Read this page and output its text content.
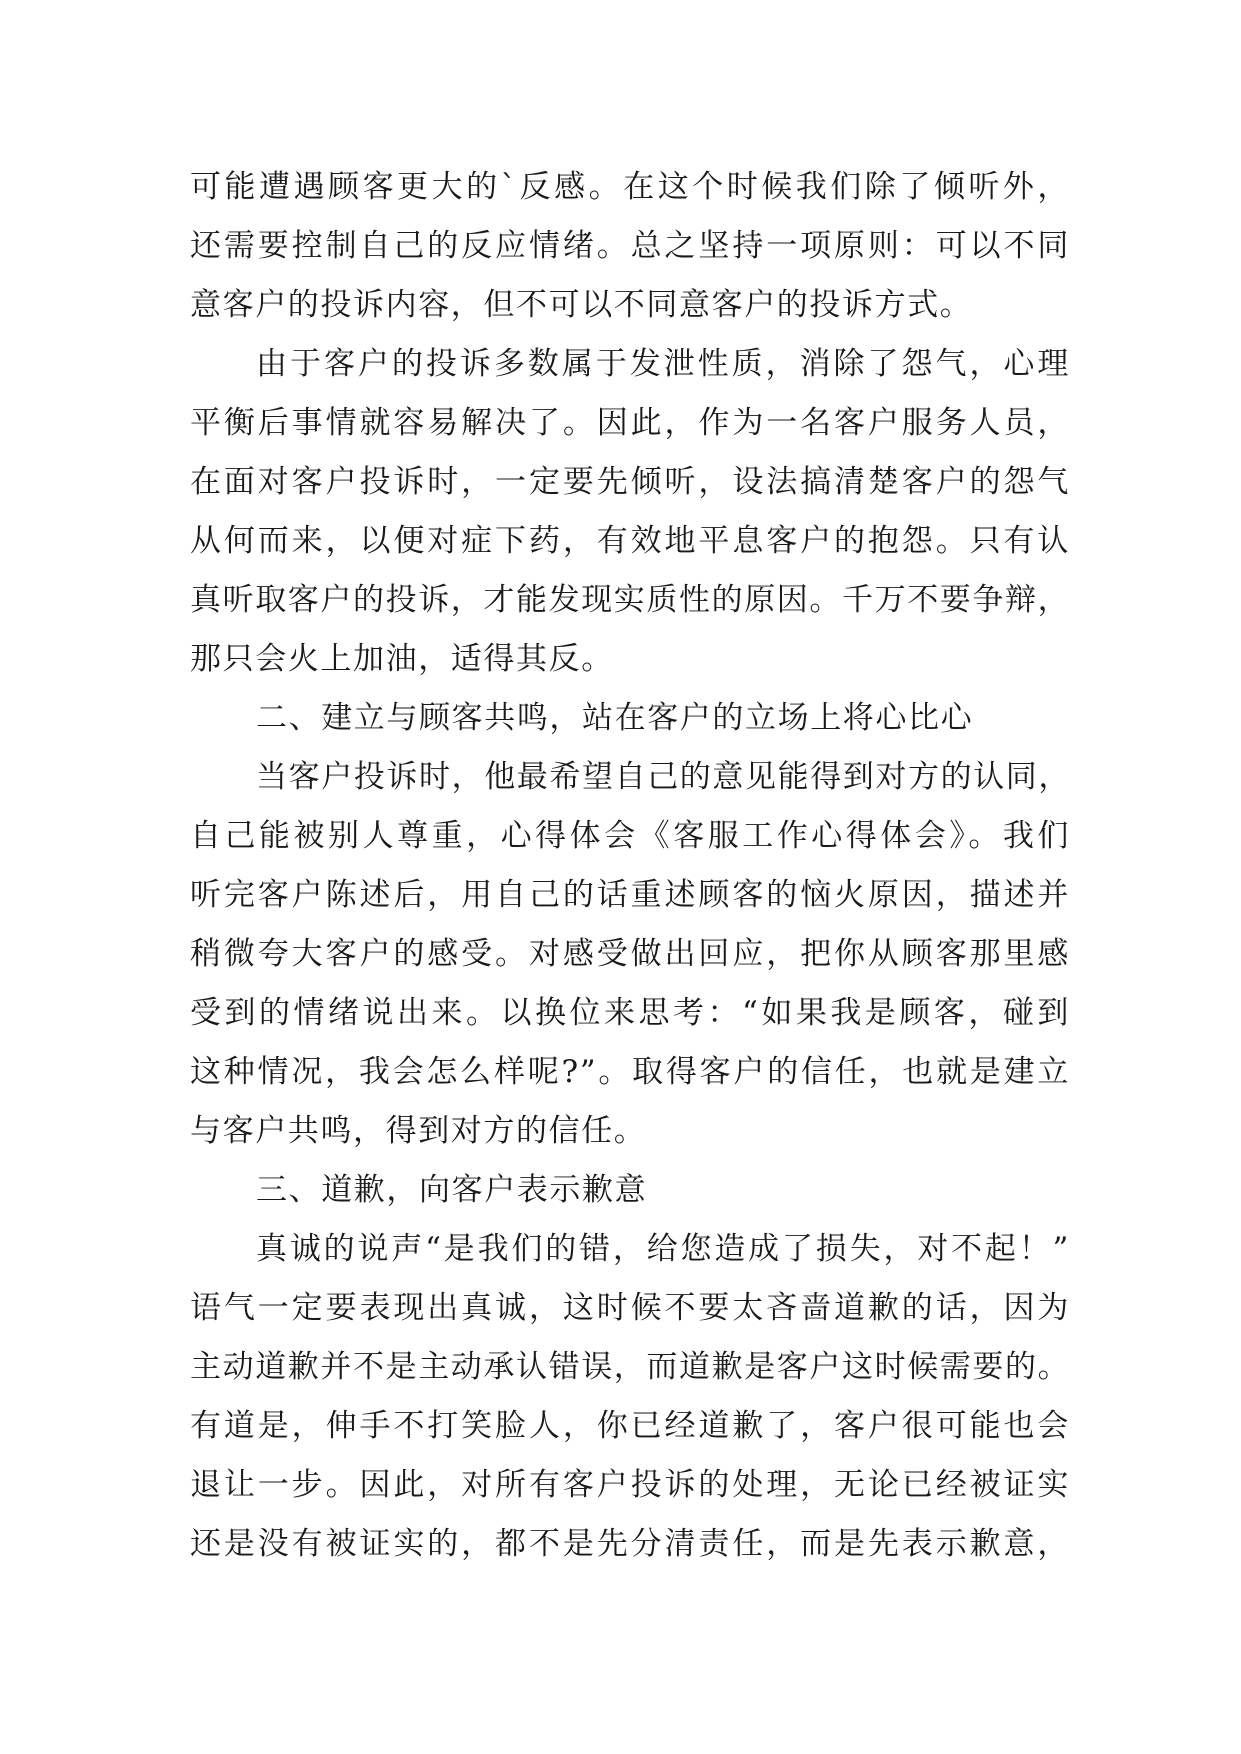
可能遭遇顾客更大的`反感。在这个时候我们除了倾听外，
还需要控制自己的反应情绪。总之坚持一项原则：可以不同
意客户的投诉内容，但不可以不同意客户的投诉方式。
由于客户的投诉多数属于发泄性质，消除了怨气，心理
平衡后事情就容易解决了。因此，作为一名客户服务人员，
在面对客户投诉时，一定要先倾听，设法搞清楚客户的怨气
从何而来，以便对症下药，有效地平息客户的抱怨。只有认
真听取客户的投诉，才能发现实质性的原因。千万不要争辩，
那只会火上加油，适得其反。
二、建立与顾客共鸣，站在客户的立场上将心比心
当客户投诉时，他最希望自己的意见能得到对方的认同，
自己能被别人尊重，心得体会《客服工作心得体会》。我们
听完客户陈述后，用自己的话重述顾客的恼火原因，描述并
稍微夸大客户的感受。对感受做出回应，把你从顾客那里感
受到的情绪说出来。以换位来思考：“如果我是顾客，碰到
这种情况，我会怎么样呢?”。取得客户的信任，也就是建立
与客户共鸣，得到对方的信任。
三、道歉，向客户表示歉意
真诚的说声“是我们的错，给您造成了损失，对不起！”
语气一定要表现出真诚，这时候不要太吝啬道歉的话，因为
主动道歉并不是主动承认错误，而道歉是客户这时候需要的。
有道是，伸手不打笑脸人，你已经道歉了，客户很可能也会
退让一步。因此，对所有客户投诉的处理，无论已经被证实
还是没有被证实的，都不是先分清责任，而是先表示歉意，
